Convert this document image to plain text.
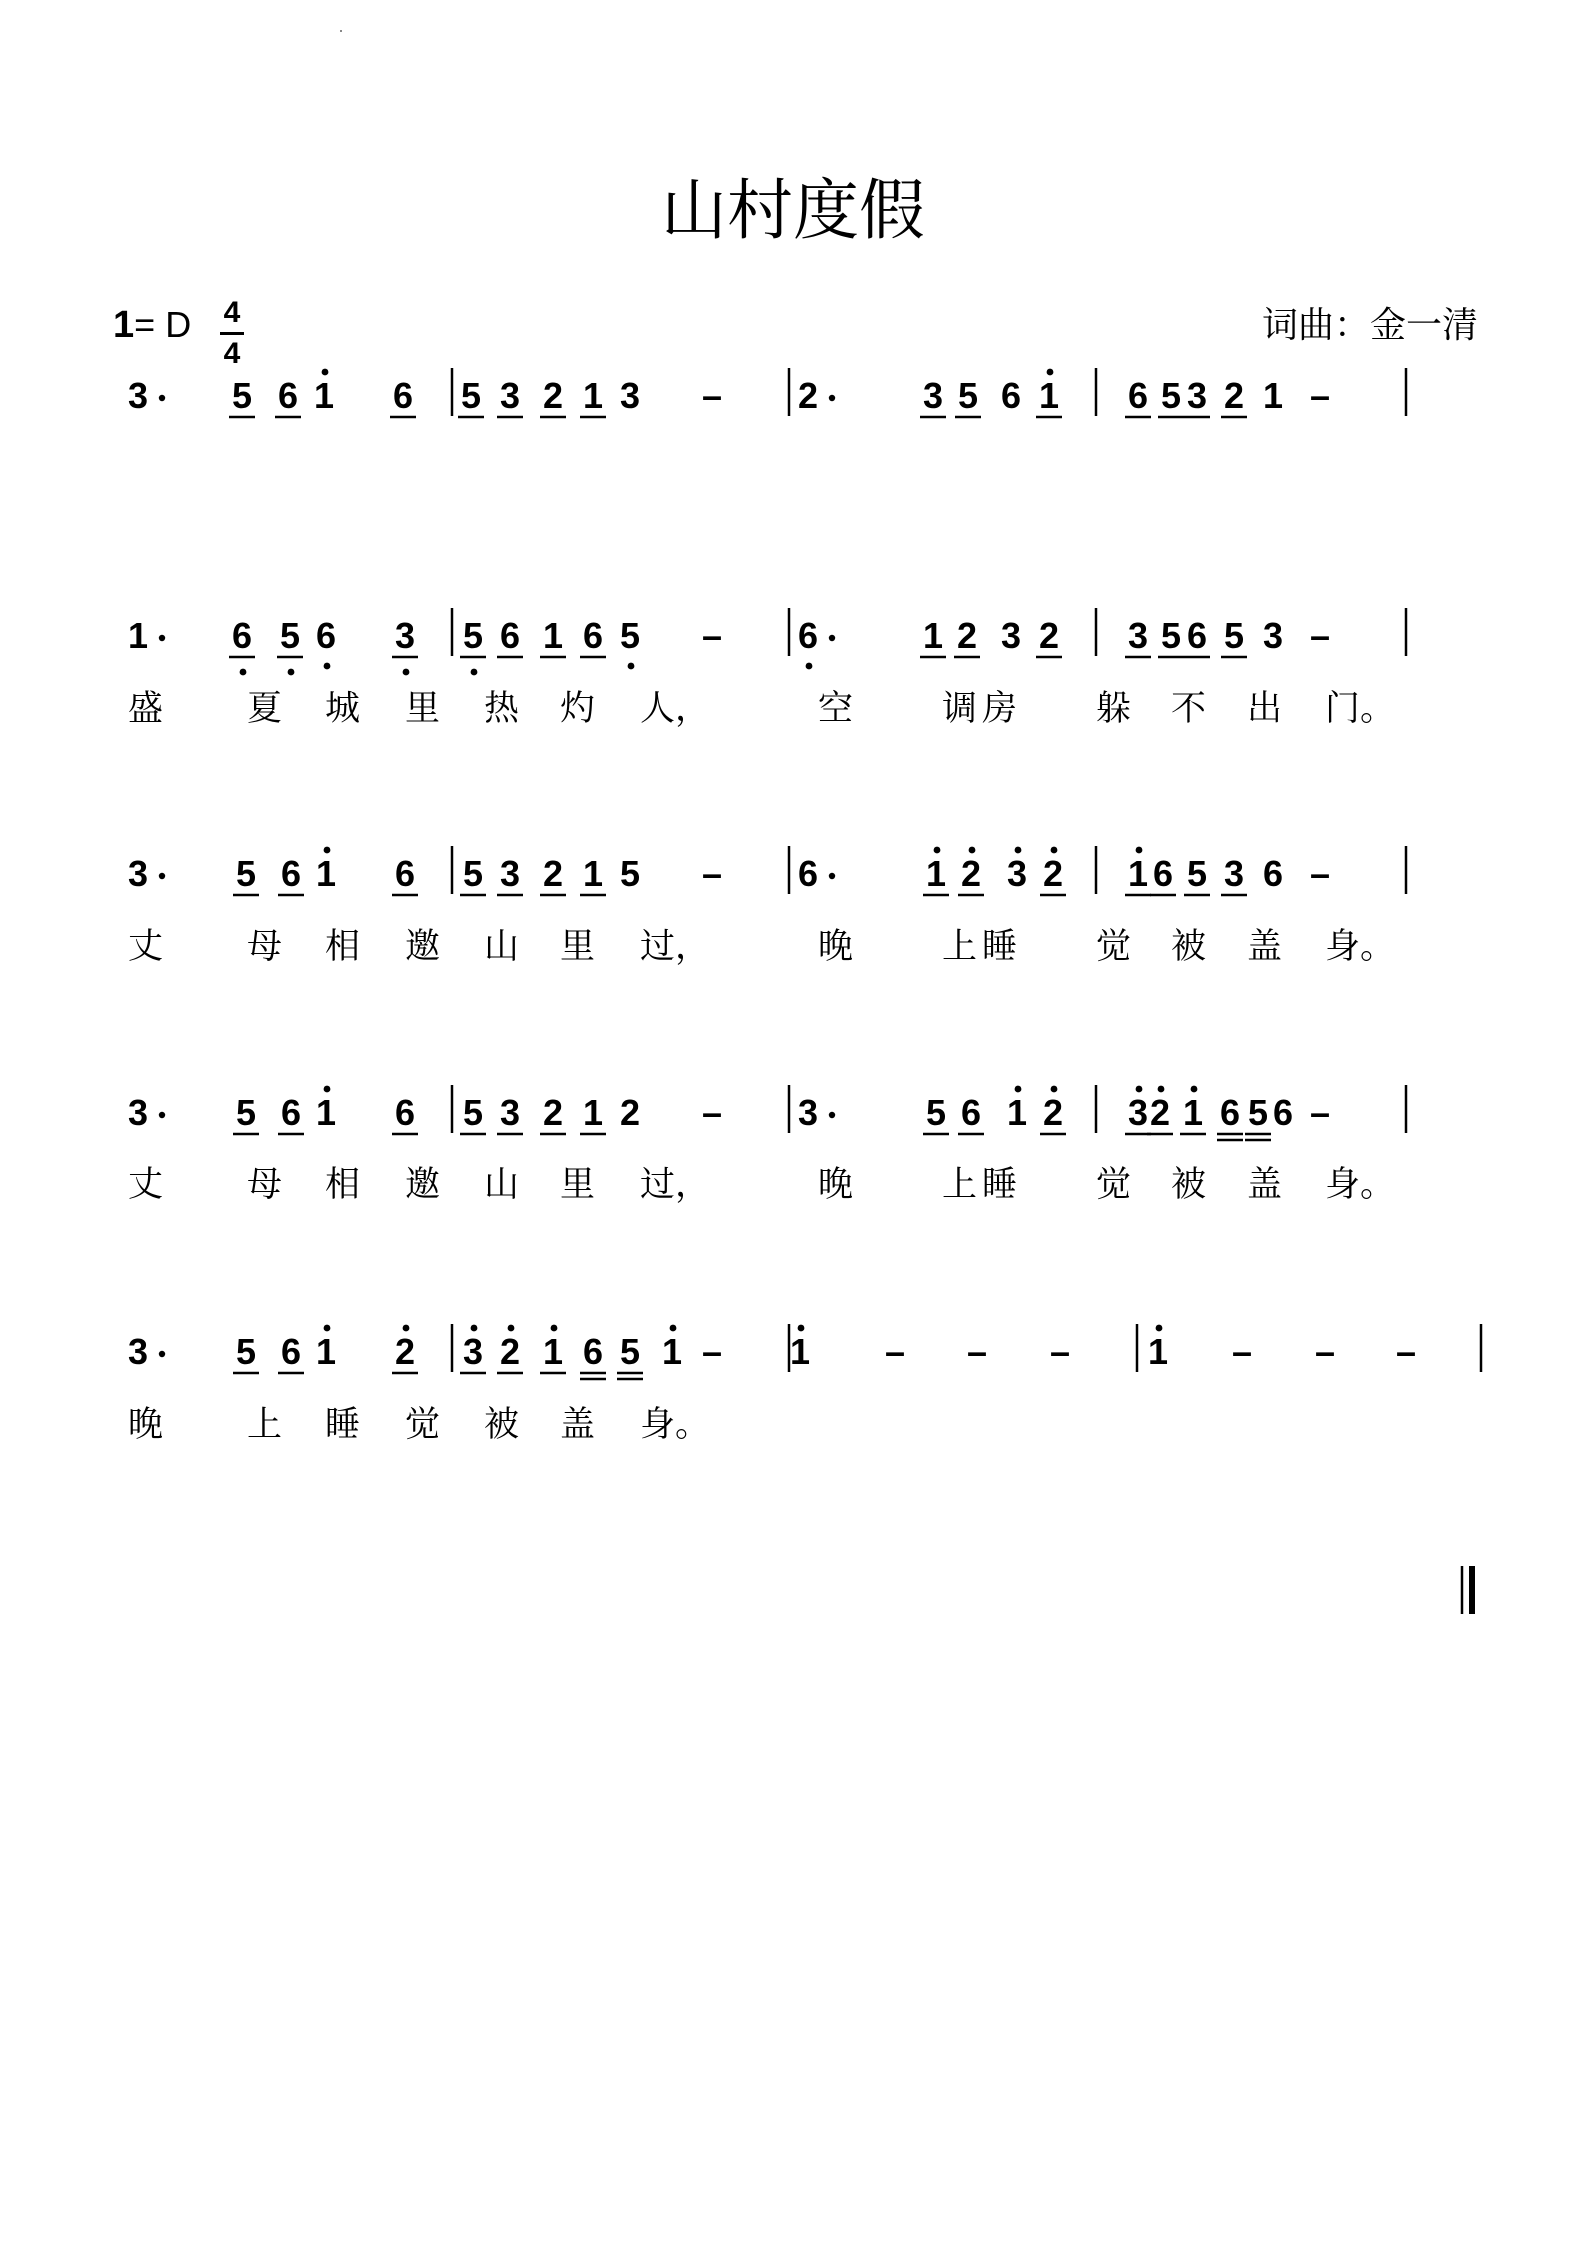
山村度假
1= D 4
4
词曲：金一清
3 5 6 1 6 5 3 2 1 3 – 2	3 5 6 1 6 5 3 2 1 –
1 6 5 6 3 5 6 1 6 5 – 6	1 2 3 2 3 5 6 5 3 –
盛 夏 城 里 热 灼 人，	空	调 房 躲 不 出 门。
3 5 6 1 6 5 3 2 1 5 – 6	1 2 3 2 1 6 5 3 6 –
丈 母 相 邀 山 里 过，	晚	上 睡 觉 被 盖 身。
3 5 6 1 6 5 3 2 1 2 – 3	5 6 1 2 3 2 1 6 5 6 –
丈 母 相 邀 山 里 过，	晚	上 睡 觉 被 盖 身。
3 5 6 1 2 3 2 1 6 5 1 – 1 – – – 1 – – –
晚 上 睡 觉 被 盖 身。
